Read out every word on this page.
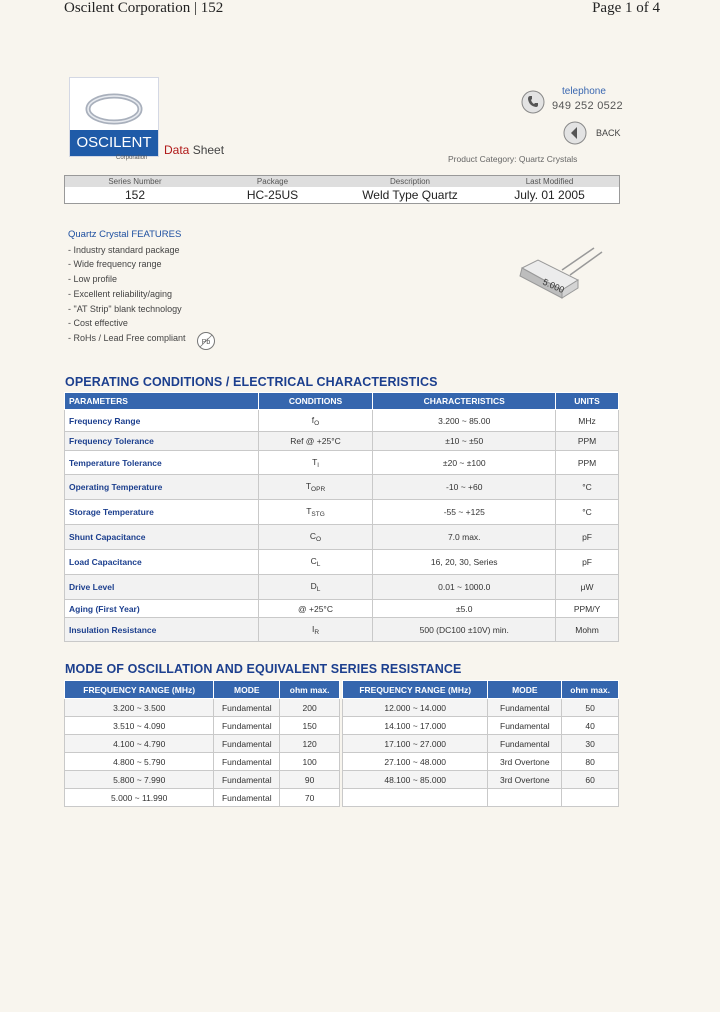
Oscilent Corporation | 152	Page 1 of 4
OSCILENT
Corporation
Data Sheet
telephone
949 252 0522
BACK
Product Category: Quartz Crystals
Series Number	Package	Description	Last Modified
152	HC-25US	Weld Type Quartz	July. 01 2005
Quartz Crystal FEATURES
- Industry standard package
- Wide frequency range
- Low profile
- Excellent reliability/aging
- "AT Strip" blank technology
- Cost effective
- RoHs / Lead Free compliant Pb
5.000
OPERATING CONDITIONS / ELECTRICAL CHARACTERISTICS
PARAMETERS	CONDITIONS	CHARACTERISTICS	UNITS
Frequency Range	$f_O$	3.200 ~ 85.00	MHz
Frequency Tolerance	Ref @ +25°C	±10 ~ ±50	PPM
Temperature Tolerance	$T_l$	±20 ~ ±100	PPM
Operating Temperature	$T_{OPR}$	-10 ~ +60	°C
Storage Temperature	$T_{STG}$	-55 ~ +125	°C
Shunt Capacitance	$C_O$	7.0 max.	pF
Load Capacitance	$C_L$	16, 20, 30, Series	pF
Drive Level	$D_L$	0.01 ~ 1000.0	μW
Aging (First Year)	@ +25°C	±5.0	PPM/Y
Insulation Resistance	$I_R$	500 (DC100 ±10V) min.	Mohm
MODE OF OSCILLATION AND EQUIVALENT SERIES RESISTANCE
FREQUENCY RANGE (MHz)	MODE	ohm max.
3.200 ~ 3.500	Fundamental	200
3.510 ~ 4.090	Fundamental	150
4.100 ~ 4.790	Fundamental	120
4.800 ~ 5.790	Fundamental	100
5.800 ~ 7.990	Fundamental	90
5.000 ~ 11.990	Fundamental	70
FREQUENCY RANGE (MHz)	MODE	ohm max.
12.000 ~ 14.000	Fundamental	50
14.100 ~ 17.000	Fundamental	40
17.100 ~ 27.000	Fundamental	30
27.100 ~ 48.000	3rd Overtone	80
48.100 ~ 85.000	3rd Overtone	60
